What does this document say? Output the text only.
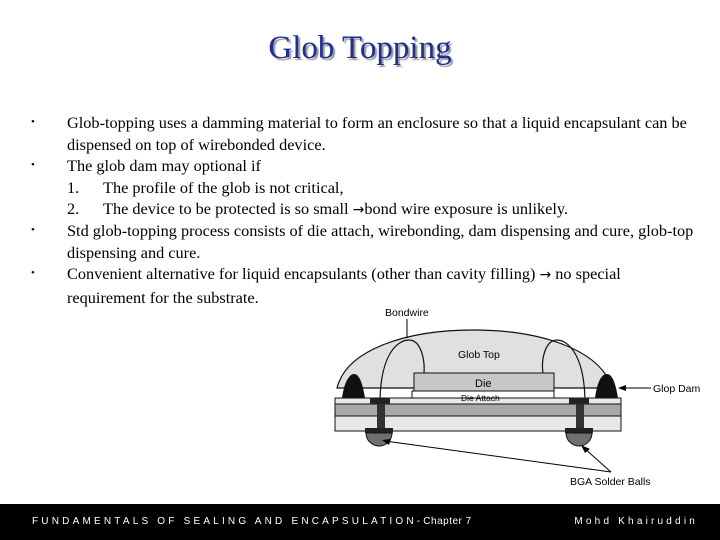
Glob Topping
• Glob-topping uses a damming material to form an enclosure so that a liquid encapsulant can be dispensed on top of wirebonded device.
• The glob dam may optional if
1. The profile of the glob is not critical,
2. The device to be protected is so small →bond wire exposure is unlikely.
• Std glob-topping process consists of die attach, wirebonding, dam dispensing and cure, glob-top dispensing and cure.
• Convenient alternative for liquid encapsulants (other than cavity filling) → no special requirement for the substrate.
Bondwire
Glob Top
Die
Die Attach
Glop Dam
BGA Solder Balls
FUNDAMENTALS OF SEALING AND ENCAPSULATION-Chapter 7	Mohd Khairuddin
